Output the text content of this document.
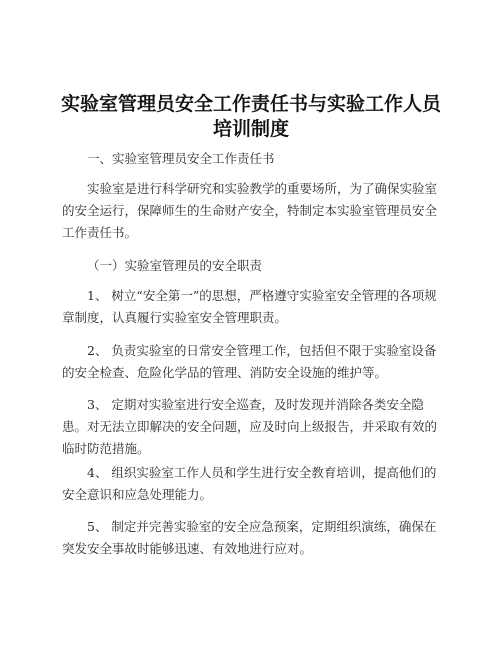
实验室管理员安全工作责任书与实验工作人员培训制度

一、实验室管理员安全工作责任书

实验室是进行科学研究和实验教学的重要场所，为了确保实验室的安全运行，保障师生的生命财产安全，特制定本实验室管理员安全工作责任书。

（一）实验室管理员的安全职责

1、 树立“安全第一”的思想，严格遵守实验室安全管理的各项规章制度，认真履行实验室安全管理职责。

2、 负责实验室的日常安全管理工作，包括但不限于实验室设备的安全检查、危险化学品的管理、消防安全设施的维护等。

3、 定期对实验室进行安全巡查，及时发现并消除各类安全隐患。对无法立即解决的安全问题，应及时向上级报告，并采取有效的临时防范措施。

4、 组织实验室工作人员和学生进行安全教育培训，提高他们的安全意识和应急处理能力。

5、 制定并完善实验室的安全应急预案，定期组织演练，确保在突发安全事故时能够迅速、有效地进行应对。
